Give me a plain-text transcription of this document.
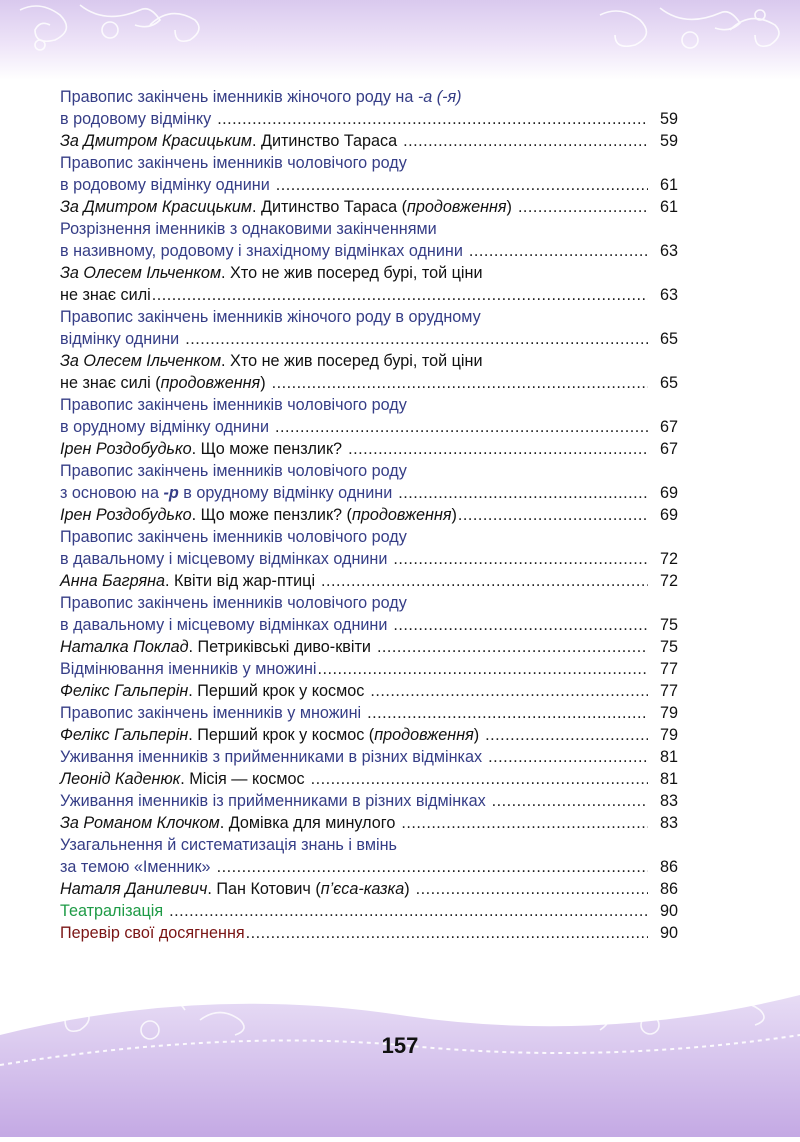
Правопис закінчень іменників жіночого роду на -а (-я)
в родовому відмінку .....	59
За Дмитром Красицьким. Дитинство Тараса .....	59
Правопис закінчень іменників чоловічого роду
в родовому відмінку однини .....	61
За Дмитром Красицьким. Дитинство Тараса (продовження) .....	61
Розрізнення іменників з однаковими закінченнями
в називному, родовому і знахідному відмінках однини .....	63
За Олесем Ільченком. Хто не жив посеред бурі, той ціни
не знає силі .....	63
Правопис закінчень іменників жіночого роду в орудному
відмінку однини .....	65
За Олесем Ільченком. Хто не жив посеред бурі, той ціни
не знає силі (продовження) .....	65
Правопис закінчень іменників чоловічого роду
в орудному відмінку однини .....	67
Ірен Роздобудько. Що може пензлик? .....	67
Правопис закінчень іменників чоловічого роду
з основою на -р в орудному відмінку однини .....	69
Ірен Роздобудько. Що може пензлик? (продовження) .....	69
Правопис закінчень іменників чоловічого роду
в давальному і місцевому відмінках однини .....	72
Анна Багряна. Квіти від жар-птиці .....	72
Правопис закінчень іменників чоловічого роду
в давальному і місцевому відмінках однини .....	75
Наталка Поклад. Петриківські диво-квіти .....	75
Відмінювання іменників у множині .....	77
Фелікс Гальперін. Перший крок у космос .....	77
Правопис закінчень іменників у множині .....	79
Фелікс Гальперін. Перший крок у космос (продовження) .....	79
Уживання іменників з прийменниками в різних відмінках .....	81
Леонід Каденюк. Місія — космос .....	81
Уживання іменників із прийменниками в різних відмінках .....	83
За Романом Клочком. Домівка для минулого .....	83
Узагальнення й систематизація знань і вмінь
за темою «Іменник» .....	86
Наталя Данилевич. Пан Котович (п’єса-казка) .....	86
Театралізація .....	90
Перевір свої досягнення .....	90
157
